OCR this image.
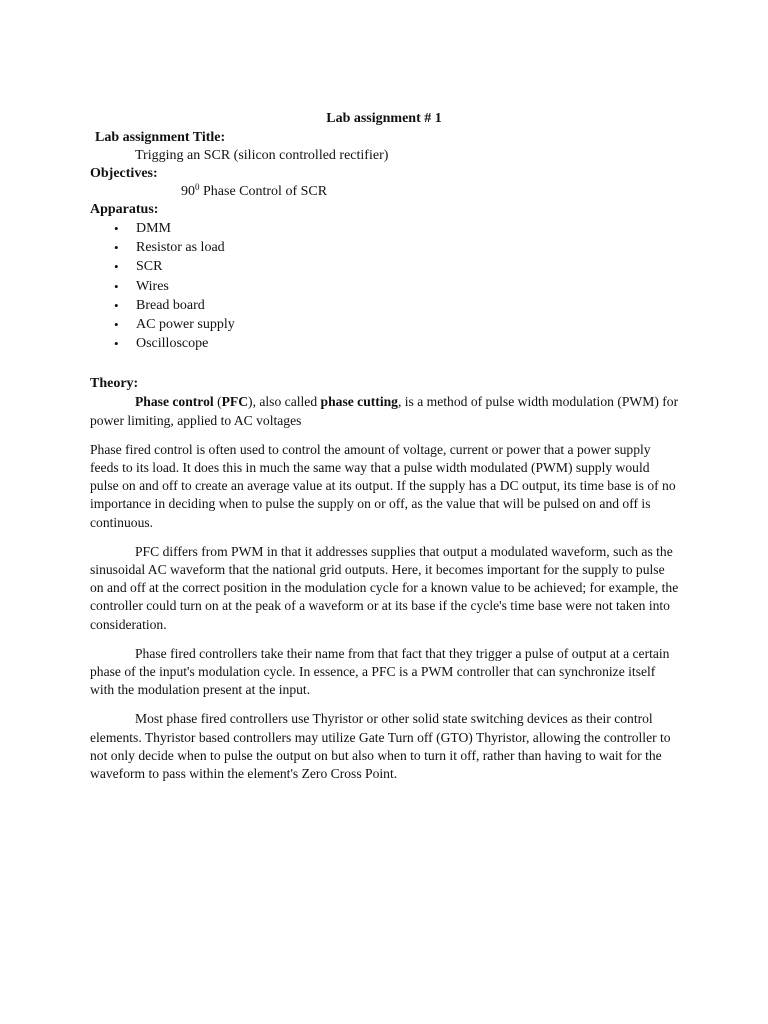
Lab assignment # 1
Lab assignment Title:
Trigging an SCR (silicon controlled rectifier)
Objectives:
$90^0$ Phase Control of SCR
Apparatus:
• DMM
• Resistor as load
• SCR
• Wires
• Bread board
• AC power supply
• Oscilloscope
Theory:

Phase control (PFC), also called phase cutting, is a method of pulse width modulation (PWM) for power limiting, applied to AC voltages

Phase fired control is often used to control the amount of voltage, current or power that a power supply feeds to its load. It does this in much the same way that a pulse width modulated (PWM) supply would pulse on and off to create an average value at its output. If the supply has a DC output, its time base is of no importance in deciding when to pulse the supply on or off, as the value that will be pulsed on and off is continuous.

PFC differs from PWM in that it addresses supplies that output a modulated waveform, such as the sinusoidal AC waveform that the national grid outputs. Here, it becomes important for the supply to pulse on and off at the correct position in the modulation cycle for a known value to be achieved; for example, the controller could turn on at the peak of a waveform or at its base if the cycle's time base were not taken into consideration.

Phase fired controllers take their name from that fact that they trigger a pulse of output at a certain phase of the input's modulation cycle. In essence, a PFC is a PWM controller that can synchronize itself with the modulation present at the input.

Most phase fired controllers use Thyristor or other solid state switching devices as their control elements. Thyristor based controllers may utilize Gate Turn off (GTO) Thyristor, allowing the controller to not only decide when to pulse the output on but also when to turn it off, rather than having to wait for the waveform to pass within the element's Zero Cross Point.
